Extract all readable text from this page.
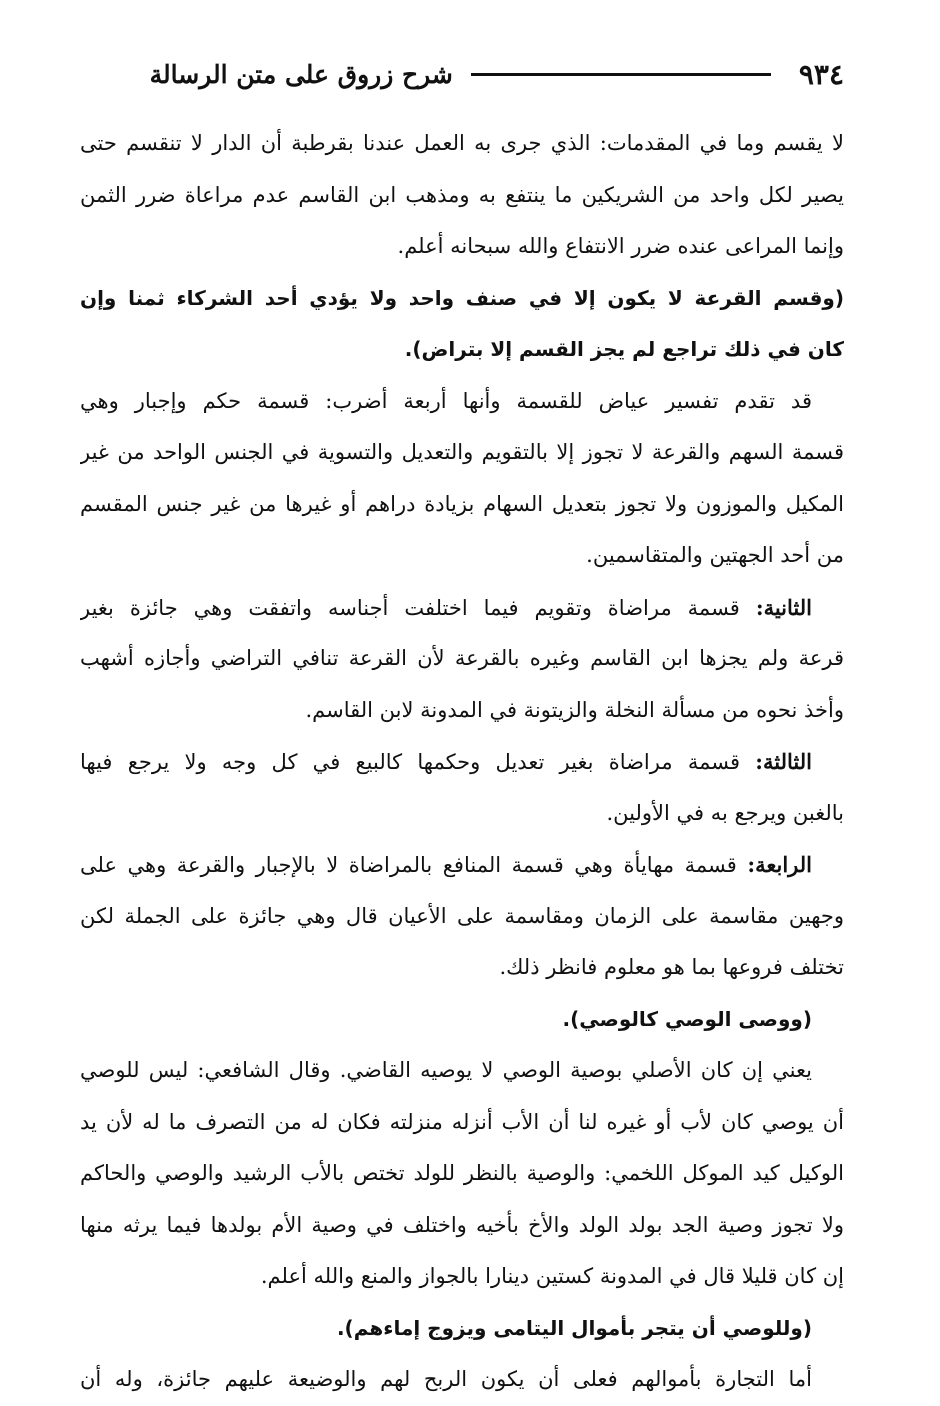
٩٣٤
شرح زروق على متن الرسالة
لا يقسم وما في المقدمات: الذي جرى به العمل عندنا بقرطبة أن الدار لا تنقسم حتى
يصير لكل واحد من الشريكين ما ينتفع به ومذهب ابن القاسم عدم مراعاة ضرر الثمن
وإنما المراعى عنده ضرر الانتفاع والله سبحانه أعلم.
(وقسم القرعة لا يكون إلا في صنف واحد ولا يؤدي أحد الشركاء ثمنا وإن
كان في ذلك تراجع لم يجز القسم إلا بتراض).
قد تقدم تفسير عياض للقسمة وأنها أربعة أضرب: قسمة حكم وإجبار وهي
قسمة السهم والقرعة لا تجوز إلا بالتقويم والتعديل والتسوية في الجنس الواحد من غير
المكيل والموزون ولا تجوز بتعديل السهام بزيادة دراهم أو غيرها من غير جنس المقسم
من أحد الجهتين والمتقاسمين.
الثانية: قسمة مراضاة وتقويم فيما اختلفت أجناسه واتفقت وهي جائزة بغير
قرعة ولم يجزها ابن القاسم وغيره بالقرعة لأن القرعة تنافي التراضي وأجازه أشهب
وأخذ نحوه من مسألة النخلة والزيتونة في المدونة لابن القاسم.
الثالثة: قسمة مراضاة بغير تعديل وحكمها كالبيع في كل وجه ولا يرجع فيها
بالغبن ويرجع به في الأولين.
الرابعة: قسمة مهايأة وهي قسمة المنافع بالمراضاة لا بالإجبار والقرعة وهي على
وجهين مقاسمة على الزمان ومقاسمة على الأعيان قال وهي جائزة على الجملة لكن
تختلف فروعها بما هو معلوم فانظر ذلك.
(ووصى الوصي كالوصي).
يعني إن كان الأصلي بوصية الوصي لا يوصيه القاضي. وقال الشافعي: ليس للوصي
أن يوصي كان لأب أو غيره لنا أن الأب أنزله منزلته فكان له من التصرف ما له لأن يد
الوكيل كيد الموكل اللخمي: والوصية بالنظر للولد تختص بالأب الرشيد والوصي والحاكم
ولا تجوز وصية الجد بولد الولد والأخ بأخيه واختلف في وصية الأم بولدها فيما يرثه منها
إن كان قليلا قال في المدونة كستين دينارا بالجواز والمنع والله أعلم.
(وللوصي أن يتجر بأموال اليتامى ويزوج إماءهم).
أما التجارة بأموالهم فعلى أن يكون الربح لهم والوضيعة عليهم جائزة، وله أن
